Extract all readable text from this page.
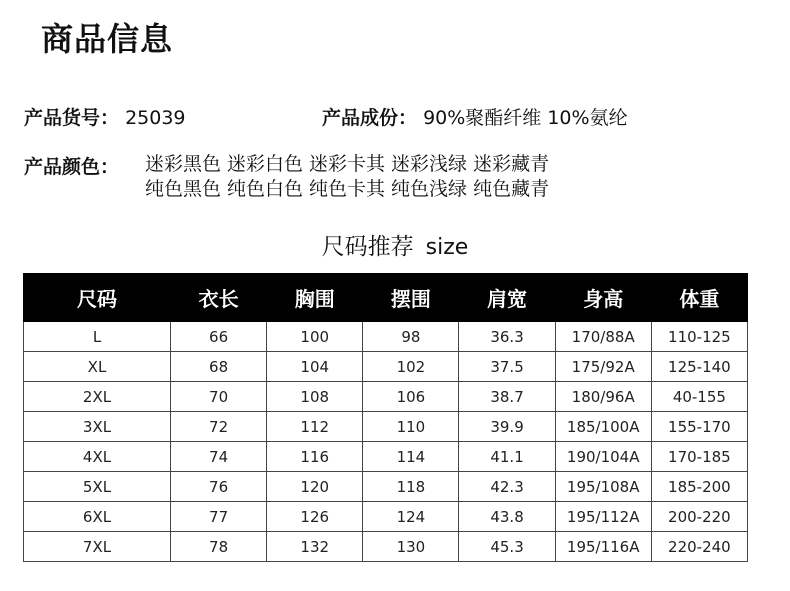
商品信息
产品货号： 25039	产品成份： 90%聚酯纤维 10%氨纶
产品颜色： 迷彩黑色 迷彩白色 迷彩卡其 迷彩浅绿 迷彩藏青
纯色黑色 纯色白色 纯色卡其 纯色浅绿 纯色藏青
尺码推荐 size
尺码	衣长	胸围	摆围	肩宽	身高	体重
L	66	100	98	36.3	170/88A	110-125
XL	68	104	102	37.5	175/92A	125-140
2XL	70	108	106	38.7	180/96A	40-155
3XL	72	112	110	39.9	185/100A	155-170
4XL	74	116	114	41.1	190/104A	170-185
5XL	76	120	118	42.3	195/108A	185-200
6XL	77	126	124	43.8	195/112A	200-220
7XL	78	132	130	45.3	195/116A	220-240
